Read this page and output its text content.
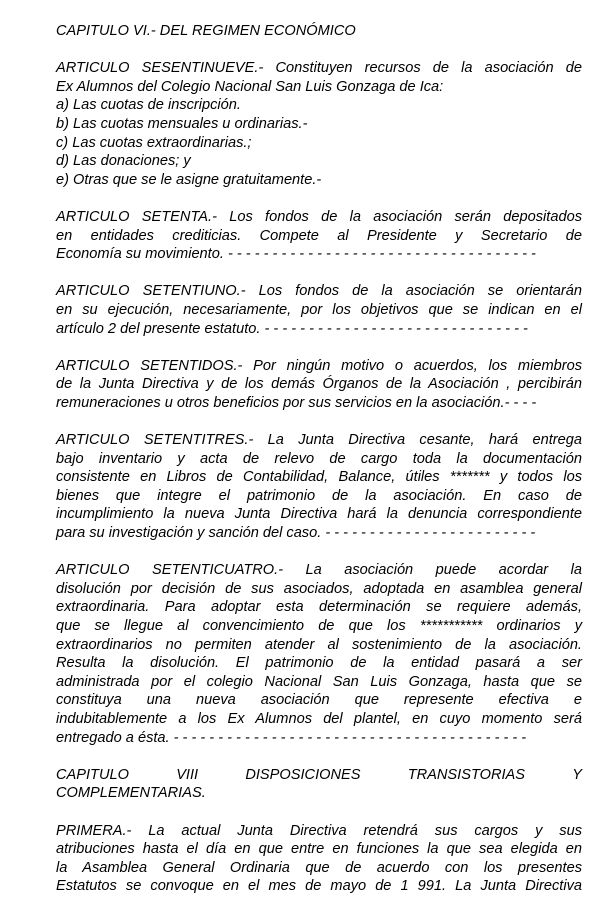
CAPITULO VI.- DEL REGIMEN ECONÓMICO
ARTICULO SESENTINUEVE.- Constituyen recursos de la asociación de
Ex Alumnos del Colegio Nacional San Luis Gonzaga de Ica:
a) Las cuotas de inscripción.
b) Las cuotas mensuales u ordinarias.-
c) Las cuotas extraordinarias.;
d) Las donaciones; y
e) Otras que se le asigne gratuitamente.-
ARTICULO SETENTA.- Los fondos de la asociación serán depositados
en entidades crediticias. Compete al Presidente y Secretario de
Economía su movimiento. - - - - - - - - - - - - - - - - - - - - - - - - - - - - - - - - - - -
ARTICULO SETENTIUNO.- Los fondos de la asociación se orientarán
en su ejecución, necesariamente, por los objetivos que se indican en el
artículo 2 del presente estatuto. - - - - - - - - - - - - - - - - - - - - - - - - - - - - - -
ARTICULO SETENTIDOS.- Por ningún motivo o acuerdos, los miembros
de la Junta Directiva y de los demás Órganos de la Asociación , percibirán
remuneraciones u otros beneficios por sus servicios en la asociación.- - - -
ARTICULO SETENTITRES.- La Junta Directiva cesante, hará entrega
bajo inventario y acta de relevo de cargo toda la documentación
consistente en Libros de Contabilidad, Balance, útiles ******* y todos los
bienes que integre el patrimonio de la asociación. En caso de
incumplimiento la nueva Junta Directiva hará la denuncia correspondiente
para su investigación y sanción del caso. - - - - - - - - - - - - - - - - - - - - - - - -
ARTICULO SETENTICUATRO.- La asociación puede acordar la
disolución por decisión de sus asociados, adoptada en asamblea general
extraordinaria. Para adoptar esta determinación se requiere además,
que se llegue al convencimiento de que los *********** ordinarios y
extraordinarios no permiten atender al sostenimiento de la asociación.
Resulta la disolución. El patrimonio de la entidad pasará a ser
administrada por el colegio Nacional San Luis Gonzaga, hasta que se
constituya una nueva asociación que represente efectiva e
indubitablemente a los Ex Alumnos del plantel, en cuyo momento será
entregado a ésta. - - - - - - - - - - - - - - - - - - - - - - - - - - - - - - - - - - - - - - - -
CAPITULO	VIII	DISPOSICIONES	TRANSISTORIAS	Y
COMPLEMENTARIAS.
PRIMERA.- La actual Junta Directiva retendrá sus cargos y sus
atribuciones hasta el día en que entre en funciones la que sea elegida en
la Asamblea General Ordinaria que de acuerdo con los presentes
Estatutos se convoque en el mes de mayo de 1 991. La Junta Directiva
